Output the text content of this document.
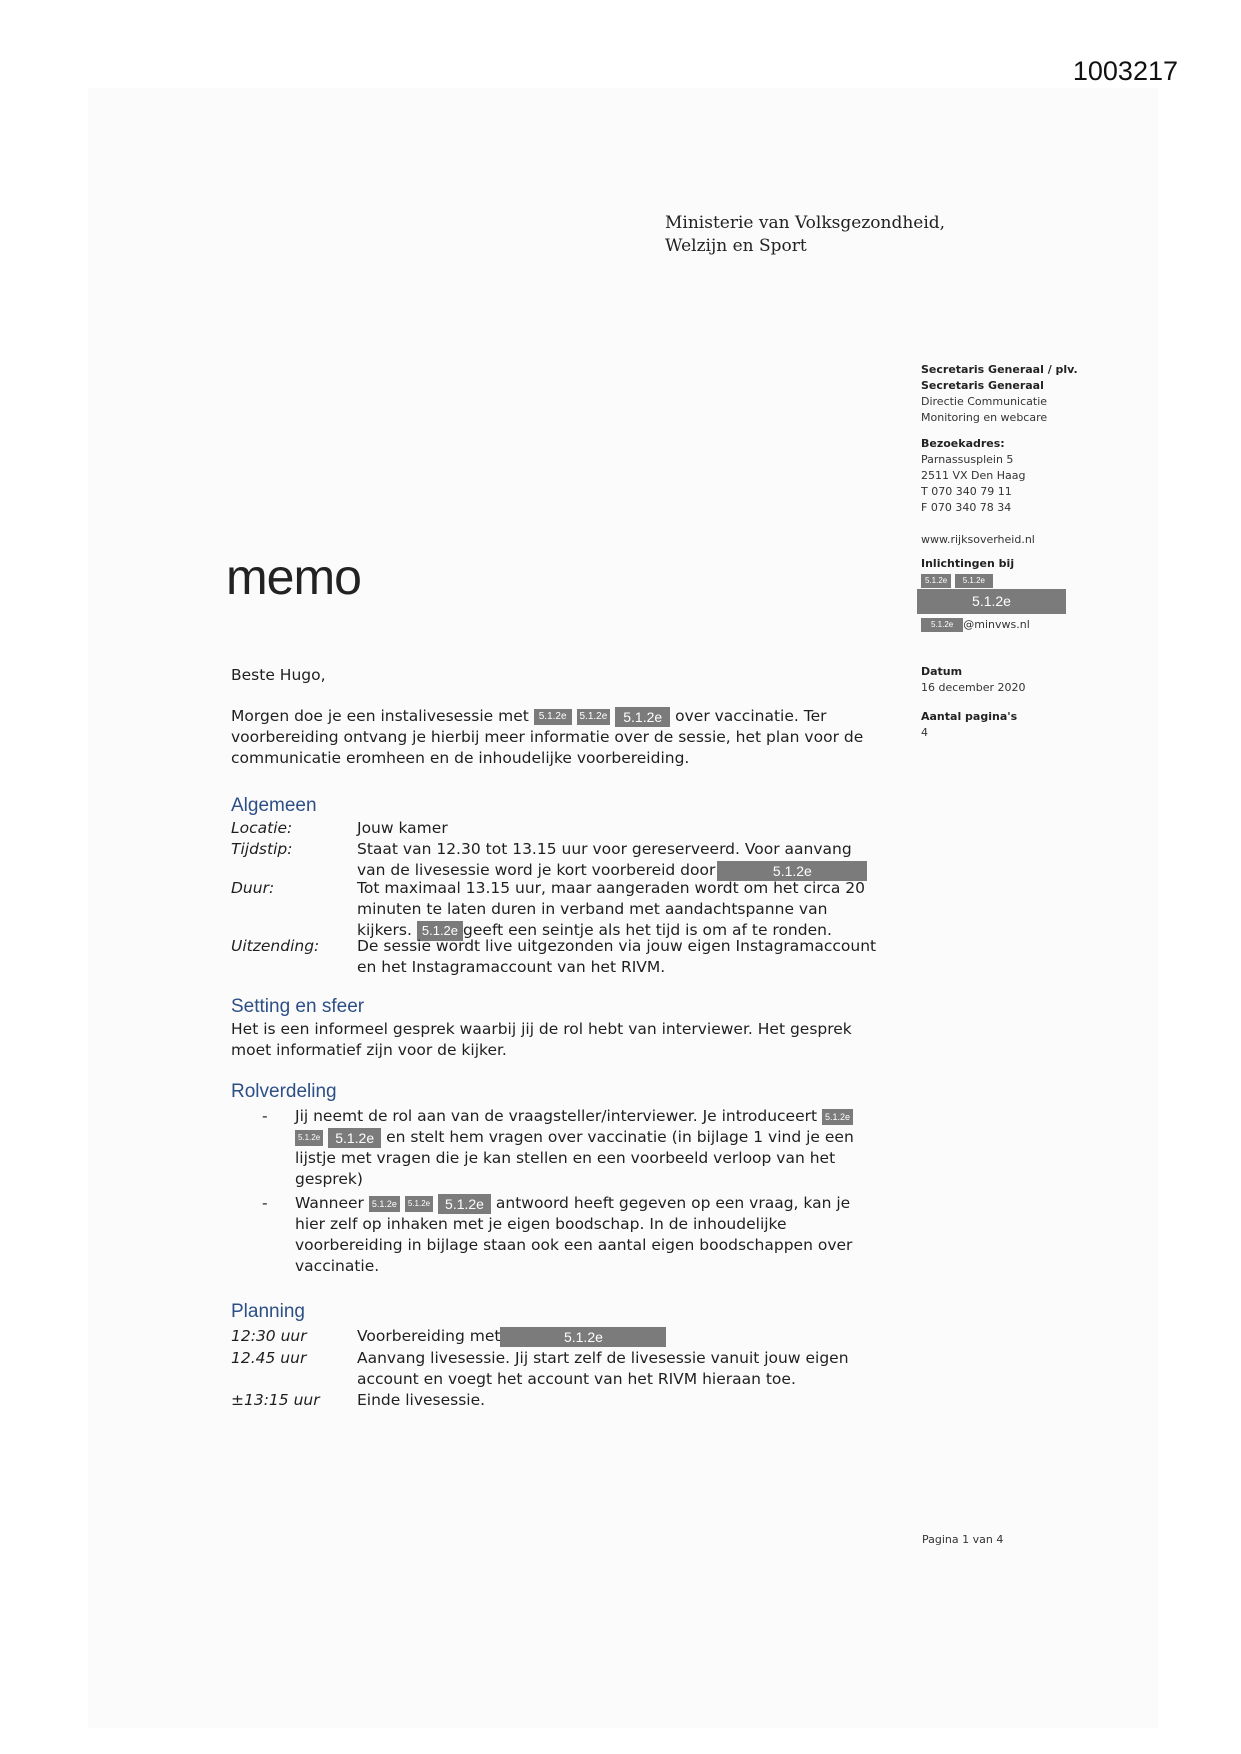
1003217
Ministerie van Volksgezondheid,
Welzijn en Sport
Secretaris Generaal / plv.
Secretaris Generaal
Directie Communicatie
Monitoring en webcare
Bezoekadres:
Parnassusplein 5
2511 VX Den Haag
T 070 340 79 11
F 070 340 78 34
www.rijksoverheid.nl
Inlichtingen bij
5.1.2e 5.1.2e
5.1.2e
5.1.2e @minvws.nl
Datum
16 december 2020
Aantal pagina's
4
memo
Beste Hugo,
Morgen doe je een instalivesessie met 5.1.2e 5.1.2e 5.1.2e over vaccinatie. Ter
voorbereiding ontvang je hierbij meer informatie over de sessie, het plan voor de
communicatie eromheen en de inhoudelijke voorbereiding.
Algemeen
Locatie:	Jouw kamer
Tijdstip:	Staat van 12.30 tot 13.15 uur voor gereserveerd. Voor aanvang
van de livesessie word je kort voorbereid door	5.1.2e
Duur:	Tot maximaal 13.15 uur, maar aangeraden wordt om het circa 20
minuten te laten duren in verband met aandachtspanne van
kijkers. 5.1.2e geeft een seintje als het tijd is om af te ronden.
Uitzending: De sessie wordt live uitgezonden via jouw eigen Instagramaccount
en het Instagramaccount van het RIVM.
Setting en sfeer
Het is een informeel gesprek waarbij jij de rol hebt van interviewer. Het gesprek
moet informatief zijn voor de kijker.
Rolverdeling
- Jij neemt de rol aan van de vraagsteller/interviewer. Je introduceert 5.1.2e
5.1.2e 5.1.2e en stelt hem vragen over vaccinatie (in bijlage 1 vind je een
lijstje met vragen die je kan stellen en een voorbeeld verloop van het
gesprek)
- Wanneer 5.1.2e 5.1.2e 5.1.2e antwoord heeft gegeven op een vraag, kan je
hier zelf op inhaken met je eigen boodschap. In de inhoudelijke
voorbereiding in bijlage staan ook een aantal eigen boodschappen over
vaccinatie.
Planning
12:30 uur	Voorbereiding met	5.1.2e
12.45 uur	Aanvang livesessie. Jij start zelf de livesessie vanuit jouw eigen
account en voegt het account van het RIVM hieraan toe.
±13:15 uur Einde livesessie.
Pagina 1 van 4
